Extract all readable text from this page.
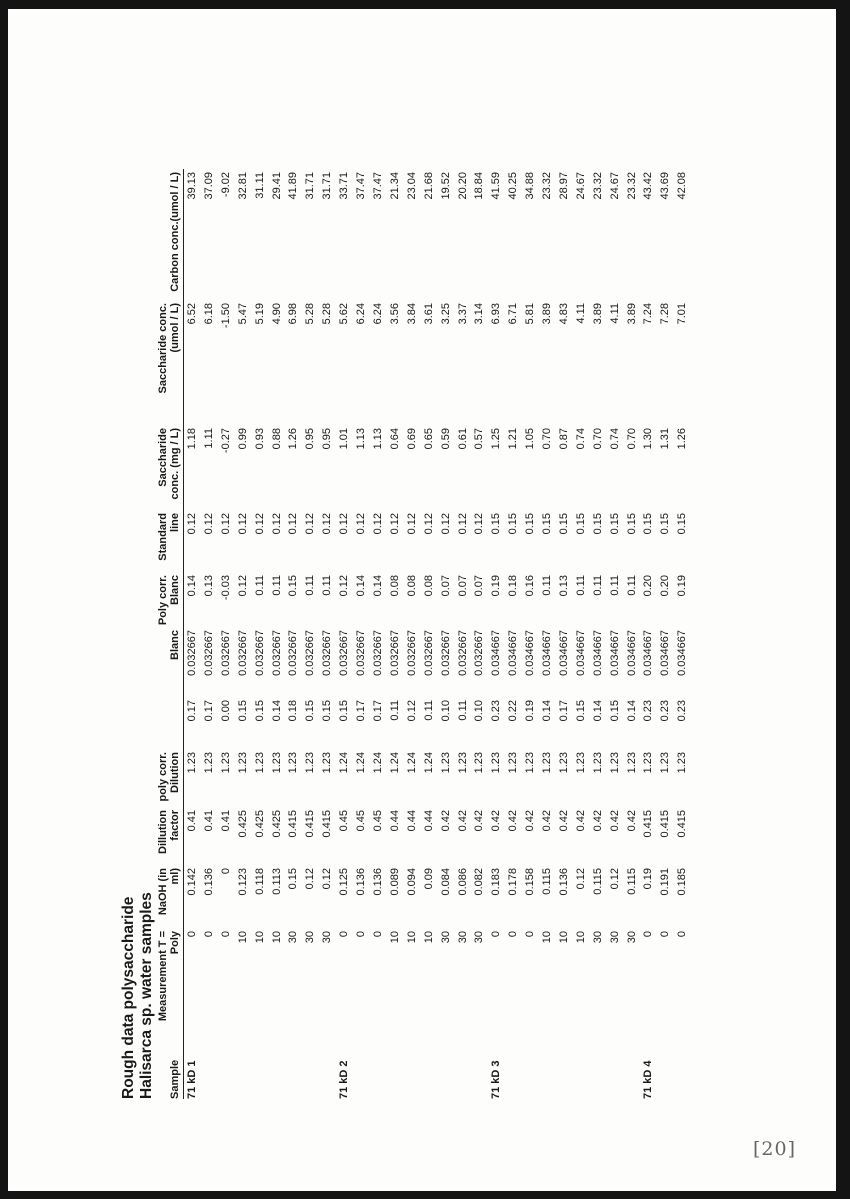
Rough data polysaccharide Halisarca sp. water samples Sample	Measurement T = Poly	NaOH (in ml)	Dillution factor	poly corr. Dilution		Blanc	Poly corr. Blanc	Standard line	Saccharide conc. (mg / L)	Saccharide conc. (umol / L)	Carbon conc.(umol / L)
71 kD 1	0	0.142	0.41	1.23	0.17	0.032667	0.14	0.12	1.18	6.52	39.13
	0	0.136	0.41	1.23	0.17	0.032667	0.13	0.12	1.11	6.18	37.09
	0	0	0.41	1.23	0.00	0.032667	-0.03	0.12	-0.27	-1.50	-9.02
	10	0.123	0.425	1.23	0.15	0.032667	0.12	0.12	0.99	5.47	32.81
	10	0.118	0.425	1.23	0.15	0.032667	0.11	0.12	0.93	5.19	31.11
	10	0.113	0.425	1.23	0.14	0.032667	0.11	0.12	0.88	4.90	29.41
	30	0.15	0.415	1.23	0.18	0.032667	0.15	0.12	1.26	6.98	41.89
	30	0.12	0.415	1.23	0.15	0.032667	0.11	0.12	0.95	5.28	31.71
	30	0.12	0.415	1.23	0.15	0.032667	0.11	0.12	0.95	5.28	31.71
71 kD 2	0	0.125	0.45	1.24	0.15	0.032667	0.12	0.12	1.01	5.62	33.71
	0	0.136	0.45	1.24	0.17	0.032667	0.14	0.12	1.13	6.24	37.47
	0	0.136	0.45	1.24	0.17	0.032667	0.14	0.12	1.13	6.24	37.47
	10	0.089	0.44	1.24	0.11	0.032667	0.08	0.12	0.64	3.56	21.34
	10	0.094	0.44	1.24	0.12	0.032667	0.08	0.12	0.69	3.84	23.04
	10	0.09	0.44	1.24	0.11	0.032667	0.08	0.12	0.65	3.61	21.68
	30	0.084	0.42	1.23	0.10	0.032667	0.07	0.12	0.59	3.25	19.52
	30	0.086	0.42	1.23	0.11	0.032667	0.07	0.12	0.61	3.37	20.20
	30	0.082	0.42	1.23	0.10	0.032667	0.07	0.12	0.57	3.14	18.84
71 kD 3	0	0.183	0.42	1.23	0.23	0.034667	0.19	0.15	1.25	6.93	41.59
	0	0.178	0.42	1.23	0.22	0.034667	0.18	0.15	1.21	6.71	40.25
	0	0.158	0.42	1.23	0.19	0.034667	0.16	0.15	1.05	5.81	34.88
	10	0.115	0.42	1.23	0.14	0.034667	0.11	0.15	0.70	3.89	23.32
	10	0.136	0.42	1.23	0.17	0.034667	0.13	0.15	0.87	4.83	28.97
	10	0.12	0.42	1.23	0.15	0.034667	0.11	0.15	0.74	4.11	24.67
	30	0.115	0.42	1.23	0.14	0.034667	0.11	0.15	0.70	3.89	23.32
	30	0.12	0.42	1.23	0.15	0.034667	0.11	0.15	0.74	4.11	24.67
	30	0.115	0.42	1.23	0.14	0.034667	0.11	0.15	0.70	3.89	23.32
71 kD 4	0	0.19	0.415	1.23	0.23	0.034667	0.20	0.15	1.30	7.24	43.42
	0	0.191	0.415	1.23	0.23	0.034667	0.20	0.15	1.31	7.28	43.69
	0	0.185	0.415	1.23	0.23	0.034667	0.19	0.15	1.26	7.01	42.08
[20]
